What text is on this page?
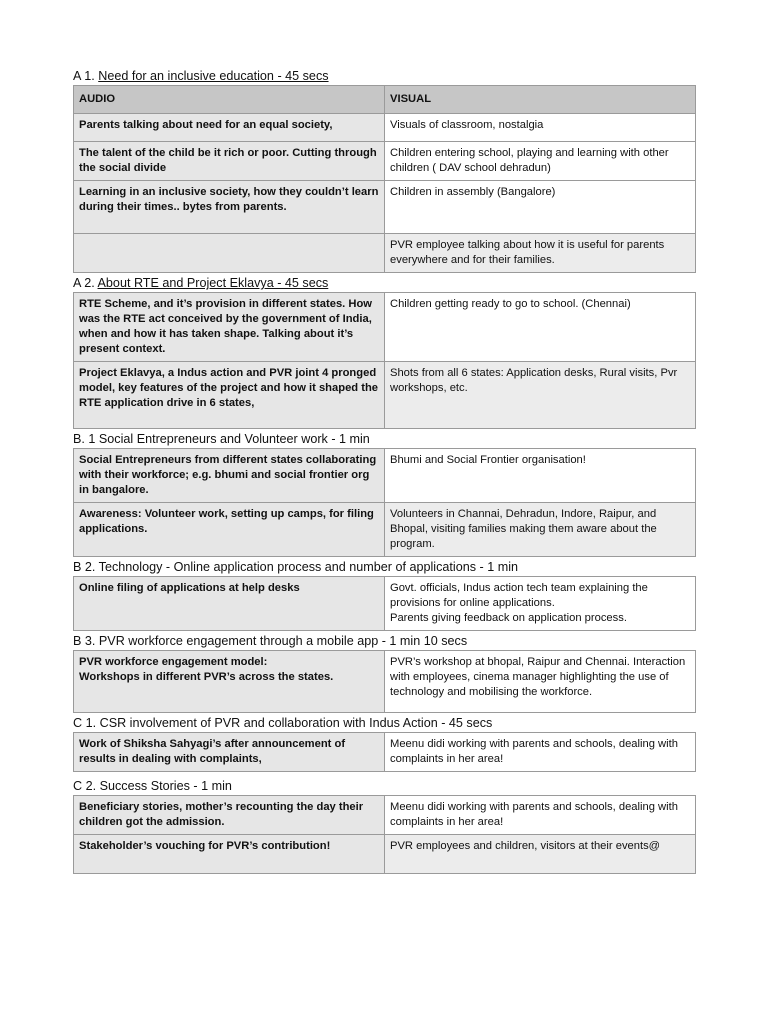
A 1. Need for an inclusive education - 45 secs
AUDIO	VISUAL
Parents talking about need for an equal society,	Visuals of classroom, nostalgia
The talent of the child be it rich or poor. Cutting through the social divide	Children entering school, playing and learning with other children ( DAV school dehradun)
Learning in an inclusive society, how they couldn’t learn during their times.. bytes from parents.	Children in assembly (Bangalore)
	PVR employee talking about how it is useful for parents everywhere and for their families.
A 2. About RTE and Project Eklavya - 45 secs
RTE Scheme, and it’s provision in different states. How was the RTE act conceived by the government of India, when and how it has taken shape. Talking about it’s present context.	Children getting ready to go to school. (Chennai)
Project Eklavya, a Indus action and PVR joint 4 pronged model, key features of the project and how it shaped the RTE application drive in 6 states,	Shots from all 6 states: Application desks, Rural visits, Pvr workshops, etc.
B. 1 Social Entrepreneurs and Volunteer work - 1 min
Social Entrepreneurs from different states collaborating with their workforce; e.g. bhumi and social frontier org in bangalore.	Bhumi and Social Frontier organisation!
Awareness: Volunteer work, setting up camps, for filing applications.	Volunteers in Channai, Dehradun, Indore, Raipur, and Bhopal, visiting families making them aware about the program.
B 2. Technology - Online application process and number of applications - 1 min
Online filing of applications at help desks	Govt. officials, Indus action tech team explaining the provisions for online applications.
Parents giving feedback on application process.
B 3. PVR workforce engagement through a mobile app - 1 min 10 secs
PVR workforce engagement model:
Workshops in different PVR’s across the states.	PVR’s workshop at bhopal, Raipur and Chennai. Interaction with employees, cinema manager highlighting the use of technology and mobilising the workforce.
C 1. CSR involvement of PVR and collaboration with Indus Action - 45 secs
Work of Shiksha Sahyagi’s after announcement of results in dealing with complaints,	Meenu didi working with parents and schools, dealing with complaints in her area!
C 2. Success Stories - 1 min
Beneficiary stories, mother’s recounting the day their children got the admission.	Meenu didi working with parents and schools, dealing with complaints in her area!
Stakeholder’s vouching for PVR’s contribution!	PVR employees and children, visitors at their events@
